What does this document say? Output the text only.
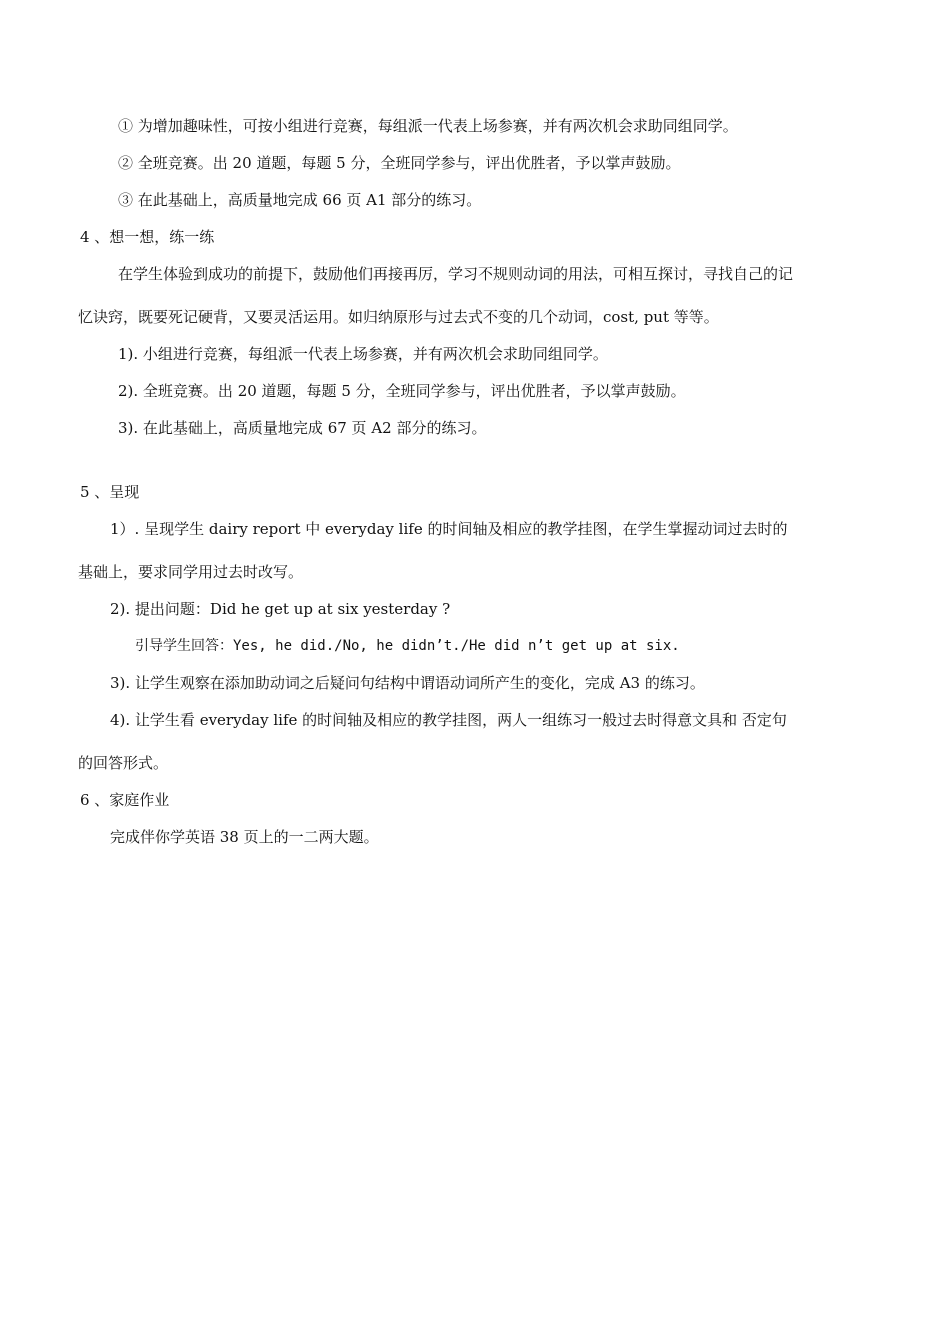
① 为增加趣味性，可按小组进行竞赛，每组派一代表上场参赛，并有两次机会求助同组同学。
② 全班竞赛。出 20 道题，每题 5 分，全班同学参与，评出优胜者，予以掌声鼓励。
③ 在此基础上，高质量地完成 66 页 A1 部分的练习。
4 、想一想，练一练
在学生体验到成功的前提下，鼓励他们再接再厉，学习不规则动词的用法，可相互探讨，寻找自己的记
忆诀窍，既要死记硬背，又要灵活运用。如归纳原形与过去式不变的几个动词，cost, put 等等。
1). 小组进行竞赛，每组派一代表上场参赛，并有两次机会求助同组同学。
2). 全班竞赛。出 20 道题，每题 5 分，全班同学参与，评出优胜者，予以掌声鼓励。
3). 在此基础上，高质量地完成 67 页 A2 部分的练习。
5 、呈现
1）. 呈现学生 dairy report 中 everyday life 的时间轴及相应的教学挂图，在学生掌握动词过去时的
基础上，要求同学用过去时改写。
2). 提出问题：Did he get up at six yesterday ?
引导学生回答：Yes, he did./No, he didn’t./He did n’t get up at six.
3). 让学生观察在添加助动词之后疑问句结构中谓语动词所产生的变化，完成 A3 的练习。
4). 让学生看 everyday life 的时间轴及相应的教学挂图，两人一组练习一般过去时得意文具和 否定句
的回答形式。
6 、家庭作业
完成伴你学英语 38 页上的一二两大题。
